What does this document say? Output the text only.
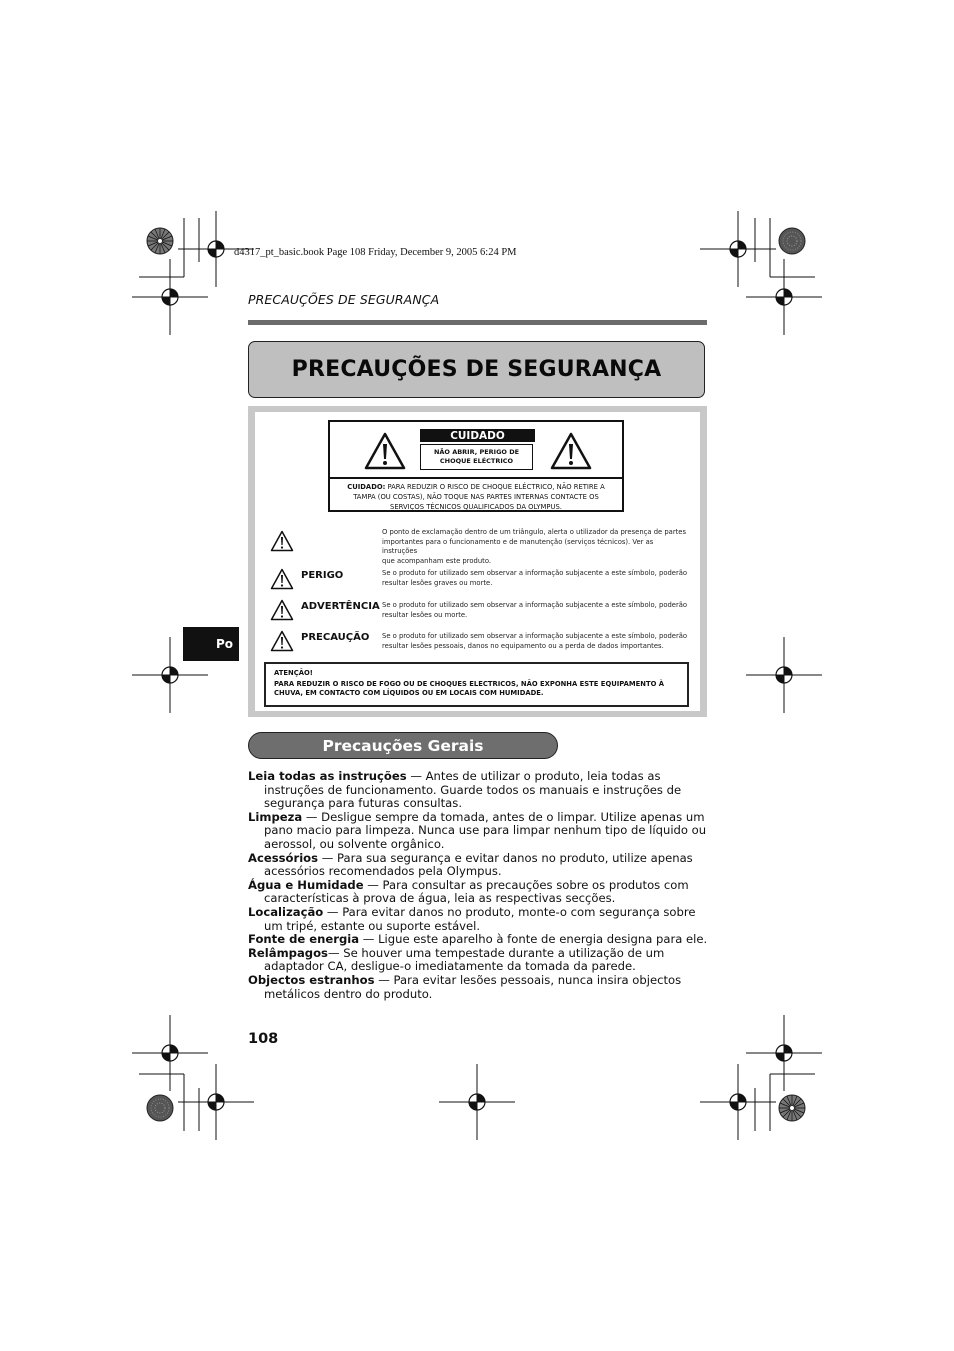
d4317_pt_basic.book Page 108 Friday, December 9, 2005 6:24 PM
PRECAUÇÕES DE SEGURANÇA
PRECAUÇÕES DE SEGURANÇA
CUIDADO
NÃO ABRIR, PERIGO DE
CHOQUE ELÉCTRICO
CUIDADO: PARA REDUZIR O RISCO DE CHOQUE ELÉCTRICO, NÃO RETIRE A
TAMPA (OU COSTAS), NÃO TOQUE NAS PARTES INTERNAS CONTACTE OS
SERVIÇOS TÉCNICOS QUALIFICADOS DA OLYMPUS.
O ponto de exclamação dentro de um triângulo, alerta o utilizador da presença de partes
importantes para o funcionamento e de manutenção (serviços técnicos). Ver as instruções
que acompanham este produto.
PERIGO	Se o produto for utilizado sem observar a informação subjacente a este símbolo, poderão
resultar lesões graves ou morte.
ADVERTÊNCIA Se o produto for utilizado sem observar a informação subjacente a este símbolo, poderão
resultar lesões ou morte.
PRECAUÇÃO Se o produto for utilizado sem observar a informação subjacente a este símbolo, poderão
resultar lesões pessoais, danos no equipamento ou a perda de dados importantes.
ATENÇÃO!
PARA REDUZIR O RISCO DE FOGO OU DE CHOQUES ELECTRICOS, NÃO EXPONHA ESTE EQUIPAMENTO À
CHUVA, EM CONTACTO COM LÍQUIDOS OU EM LOCAIS COM HUMIDADE.
Po
Precauções Gerais

Leia todas as instruções — Antes de utilizar o produto, leia todas as instruções de funcionamento. Guarde todos os manuais e instruções de segurança para futuras consultas.

Limpeza — Desligue sempre da tomada, antes de o limpar. Utilize apenas um pano macio para limpeza. Nunca use para limpar nenhum tipo de líquido ou aerossol, ou solvente orgânico.

Acessórios — Para sua segurança e evitar danos no produto, utilize apenas acessórios recomendados pela Olympus.

Água e Humidade — Para consultar as precauções sobre os produtos com características à prova de água, leia as respectivas secções.

Localização — Para evitar danos no produto, monte-o com segurança sobre um tripé, estante ou suporte estável.

Fonte de energia — Ligue este aparelho à fonte de energia designa para ele.

Relâmpagos— Se houver uma tempestade durante a utilização de um adaptador CA, desligue-o imediatamente da tomada da parede.

Objectos estranhos — Para evitar lesões pessoais, nunca insira objectos metálicos dentro do produto.

108
